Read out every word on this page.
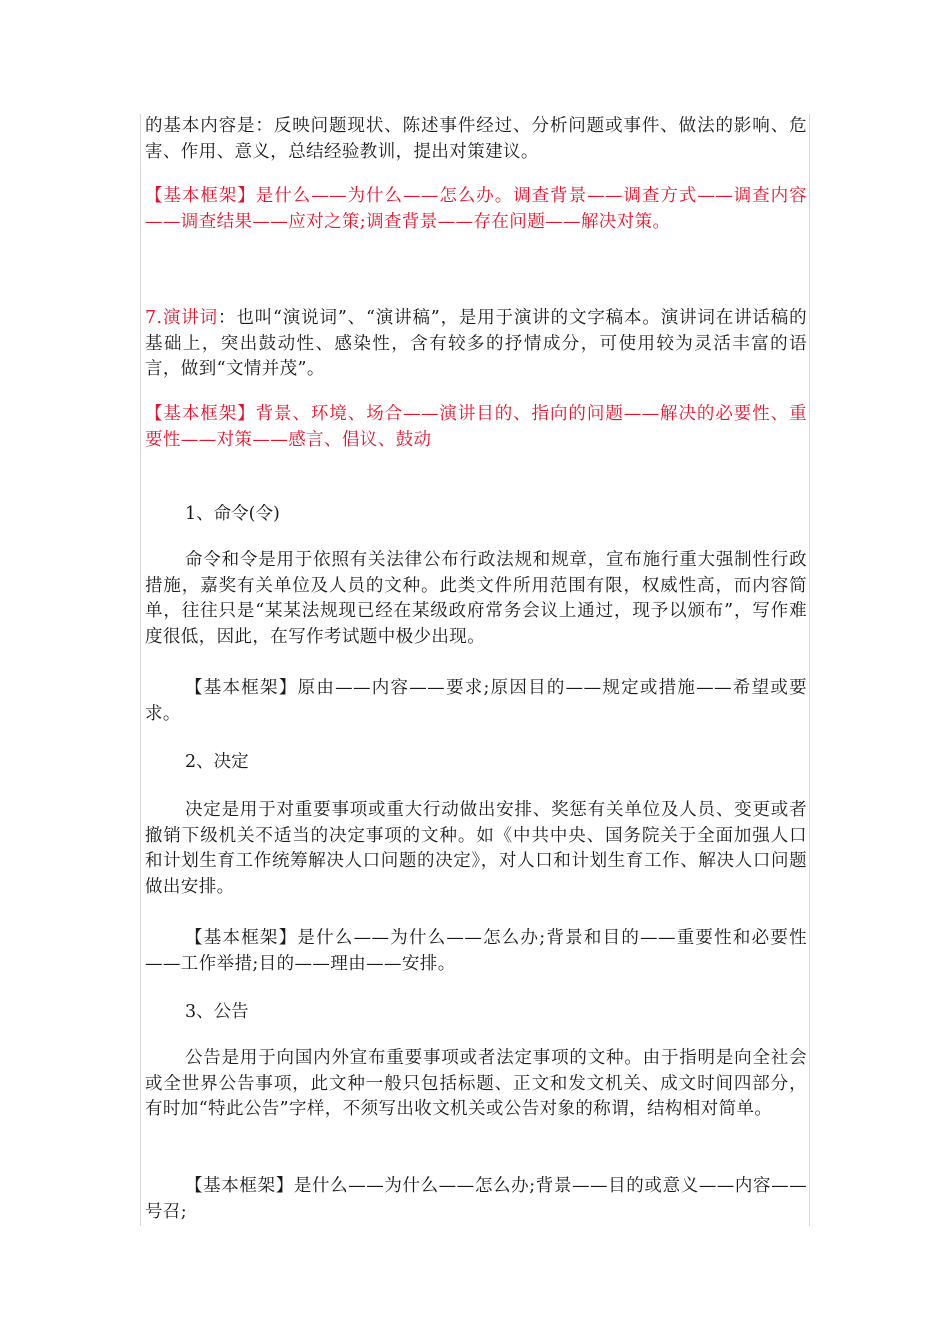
的基本内容是：反映问题现状、陈述事件经过、分析问题或事件、做法的影响、危害、作用、意义，总结经验教训，提出对策建议。

【基本框架】是什么——为什么——怎么办。调查背景——调查方式——调查内容——调查结果——应对之策;调查背景——存在问题——解决对策。

7.演讲词：也叫“演说词”、“演讲稿”，是用于演讲的文字稿本。演讲词在讲话稿的基础上，突出鼓动性、感染性，含有较多的抒情成分，可使用较为灵活丰富的语言，做到“文情并茂”。

【基本框架】背景、环境、场合——演讲目的、指向的问题——解决的必要性、重要性——对策——感言、倡议、鼓动

1、命令(令)

命令和令是用于依照有关法律公布行政法规和规章，宣布施行重大强制性行政措施，嘉奖有关单位及人员的文种。此类文件所用范围有限，权威性高，而内容简单，往往只是“某某法规现已经在某级政府常务会议上通过，现予以颁布”，写作难度很低，因此，在写作考试题中极少出现。

【基本框架】原由——内容——要求;原因目的——规定或措施——希望或要求。

2、决定

决定是用于对重要事项或重大行动做出安排、奖惩有关单位及人员、变更或者撤销下级机关不适当的决定事项的文种。如《中共中央、国务院关于全面加强人口和计划生育工作统筹解决人口问题的决定》，对人口和计划生育工作、解决人口问题做出安排。

【基本框架】是什么——为什么——怎么办;背景和目的——重要性和必要性——工作举措;目的——理由——安排。

3、公告

公告是用于向国内外宣布重要事项或者法定事项的文种。由于指明是向全社会或全世界公告事项，此文种一般只包括标题、正文和发文机关、成文时间四部分，有时加“特此公告”字样，不须写出收文机关或公告对象的称谓，结构相对简单。

【基本框架】是什么——为什么——怎么办;背景——目的或意义——内容——号召;
